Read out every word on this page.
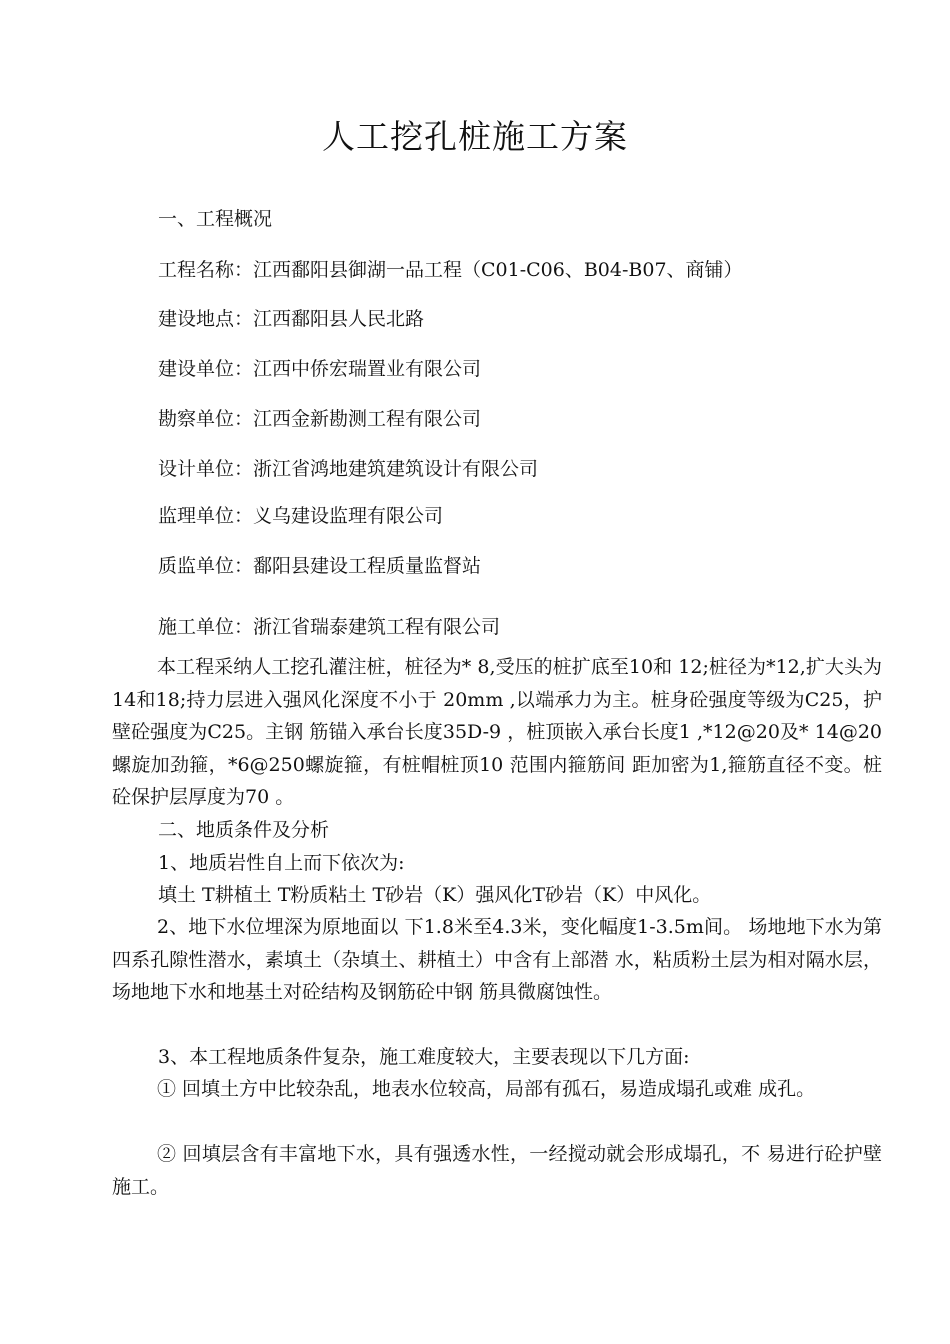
人工挖孔桩施工方案
一、工程概况
工程名称：江西鄱阳县御湖一品工程（C01-C06、B04-B07、商铺）
建设地点：江西鄱阳县人民北路
建设单位：江西中侨宏瑞置业有限公司
勘察单位：江西金新勘测工程有限公司
设计单位：浙江省鸿地建筑建筑设计有限公司
监理单位：义乌建设监理有限公司
质监单位：鄱阳县建设工程质量监督站
施工单位：浙江省瑞泰建筑工程有限公司
本工程采纳人工挖孔灌注桩，桩径为* 8,受压的桩扩底至10和 12;桩径为*12,扩大头为14和18;持力层进入强风化深度不小于 20mm ,以端承力为主。桩身砼强度等级为C25，护壁砼强度为C25。主钢 筋锚入承台长度35D-9 ，桩顶嵌入承台长度1 ,*12@20及* 14@20螺旋加劲箍，*6@250螺旋箍，有桩帽桩顶10 范围内箍筋间 距加密为1,箍筋直径不变。桩砼保护层厚度为70 。
二、地质条件及分析
1、地质岩性自上而下依次为:
填土 T耕植土 T粉质粘土 T砂岩（K）强风化T砂岩（K）中风化。
2、地下水位埋深为原地面以 下1.8米至4.3米，变化幅度1-3.5m间。 场地地下水为第四系孔隙性潜水，素填土（杂填土、耕植土）中含有上部潜 水，粘质粉土层为相对隔水层，场地地下水和地基土对砼结构及钢筋砼中钢 筋具微腐蚀性。
3、本工程地质条件复杂，施工难度较大，主要表现以下几方面:
① 回填土方中比较杂乱，地表水位较高，局部有孤石，易造成塌孔或难 成孔。
② 回填层含有丰富地下水，具有强透水性，一经搅动就会形成塌孔，不 易进行砼护壁施工。
